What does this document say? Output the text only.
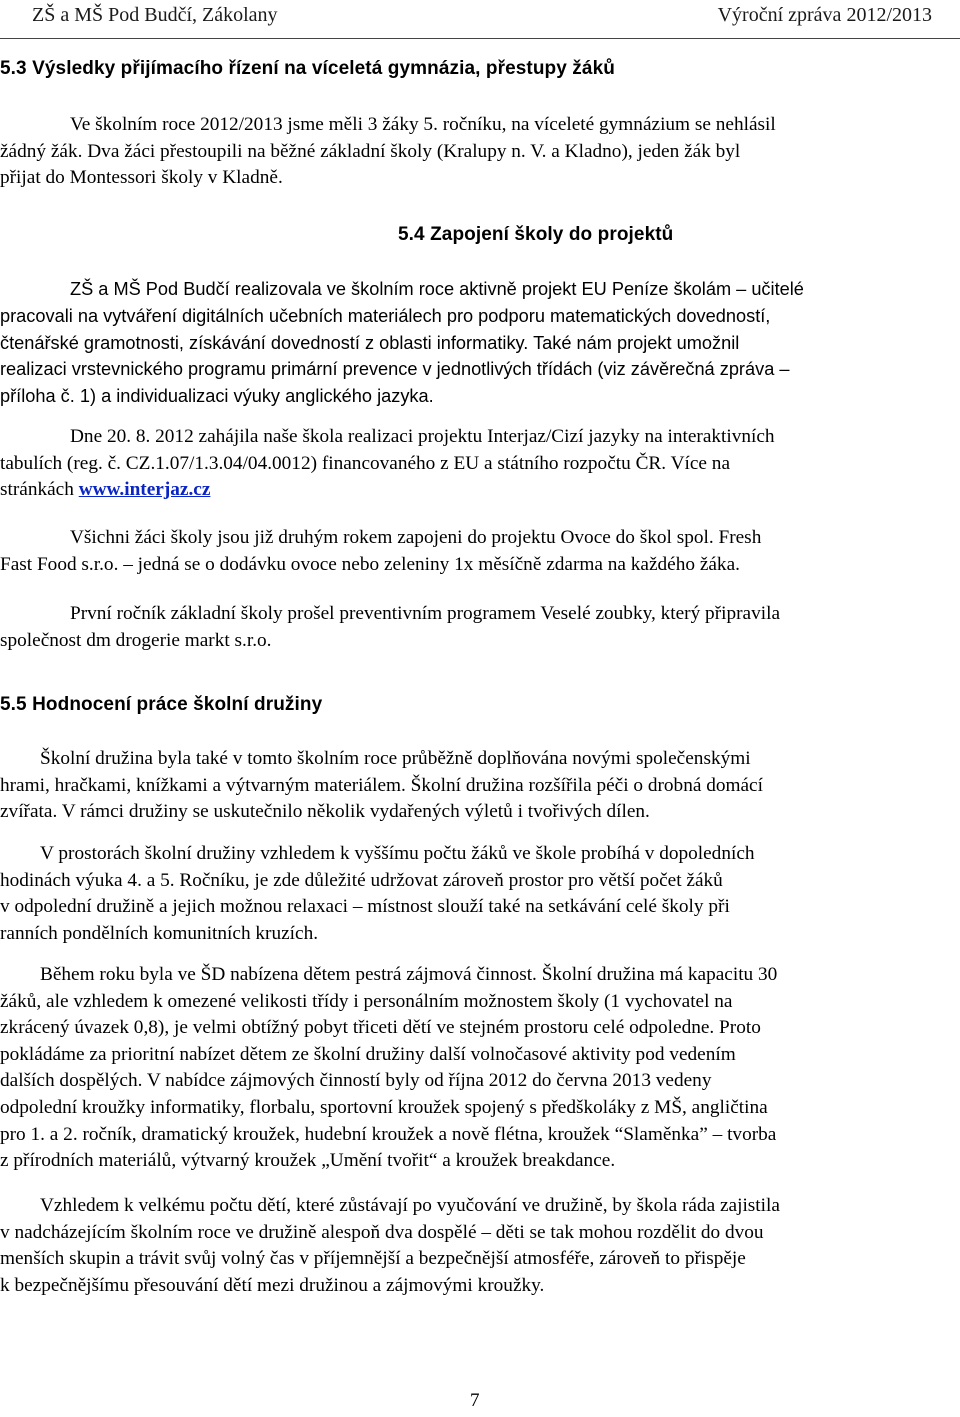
ZŠ a MŠ Pod Budčí, Zákolany	Výroční zpráva 2012/2013
5.3 Výsledky přijímacího řízení na víceletá gymnázia, přestupy žáků
Ve školním roce 2012/2013 jsme měli 3 žáky 5. ročníku, na víceleté gymnázium se nehlásil
žádný žák. Dva žáci přestoupili na běžné základní školy (Kralupy n. V. a Kladno), jeden žák byl
přijat do Montessori školy v Kladně.
5.4 Zapojení školy do projektů
ZŠ a MŠ Pod Budčí realizovala ve školním roce aktivně projekt EU Peníze školám – učitelé
pracovali na vytváření digitálních učebních materiálech pro podporu matematických dovedností,
čtenářské gramotnosti, získávání dovedností z oblasti informatiky. Také nám projekt umožnil
realizaci vrstevnického programu primární prevence v jednotlivých třídách (viz závěrečná zpráva –
příloha č. 1) a individualizaci výuky anglického jazyka.
Dne 20. 8. 2012 zahájila naše škola realizaci projektu Interjaz/Cizí jazyky na interaktivních
tabulích (reg. č. CZ.1.07/1.3.04/04.0012) financovaného z EU a státního rozpočtu ČR. Více na
stránkách www.interjaz.cz
Všichni žáci školy jsou již druhým rokem zapojeni do projektu Ovoce do škol spol. Fresh
Fast Food s.r.o. – jedná se o dodávku ovoce nebo zeleniny 1x měsíčně zdarma na každého žáka.
První ročník základní školy prošel preventivním programem Veselé zoubky, který připravila
společnost dm drogerie markt s.r.o.
5.5 Hodnocení práce školní družiny
Školní družina byla také v tomto školním roce průběžně doplňována novými společenskými
hrami, hračkami, knížkami a výtvarným materiálem. Školní družina rozšířila péči o drobná domácí
zvířata. V rámci družiny se uskutečnilo několik vydařených výletů i tvořivých dílen.
V prostorách školní družiny vzhledem k vyššímu počtu žáků ve škole probíhá v dopoledních
hodinách výuka 4. a 5. Ročníku, je zde důležité udržovat zároveň prostor pro větší počet žáků
v odpolední družině a jejich možnou relaxaci – místnost slouží také na setkávání celé školy při
ranních pondělních komunitních kruzích.
Během roku byla ve ŠD nabízena dětem pestrá zájmová činnost. Školní družina má kapacitu 30
žáků, ale vzhledem k omezené velikosti třídy i personálním možnostem školy (1 vychovatel na
zkrácený úvazek 0,8), je velmi obtížný pobyt třiceti dětí ve stejném prostoru celé odpoledne. Proto
pokládáme za prioritní nabízet dětem ze školní družiny další volnočasové aktivity pod vedením
dalších dospělých. V nabídce zájmových činností byly od října 2012 do června 2013 vedeny
odpolední kroužky informatiky, florbalu, sportovní kroužek spojený s předškoláky z MŠ, angličtina
pro 1. a 2. ročník, dramatický kroužek, hudební kroužek a nově flétna, kroužek “Slaměnka” – tvorba
z přírodních materiálů, výtvarný kroužek „Umění tvořit“ a kroužek breakdance.
Vzhledem k velkému počtu dětí, které zůstávají po vyučování ve družině, by škola ráda zajistila
v nadcházejícím školním roce ve družině alespoň dva dospělé – děti se tak mohou rozdělit do dvou
menších skupin a trávit svůj volný čas v příjemnější a bezpečnější atmosféře, zároveň to přispěje
k bezpečnějšímu přesouvání dětí mezi družinou a zájmovými kroužky.
7
